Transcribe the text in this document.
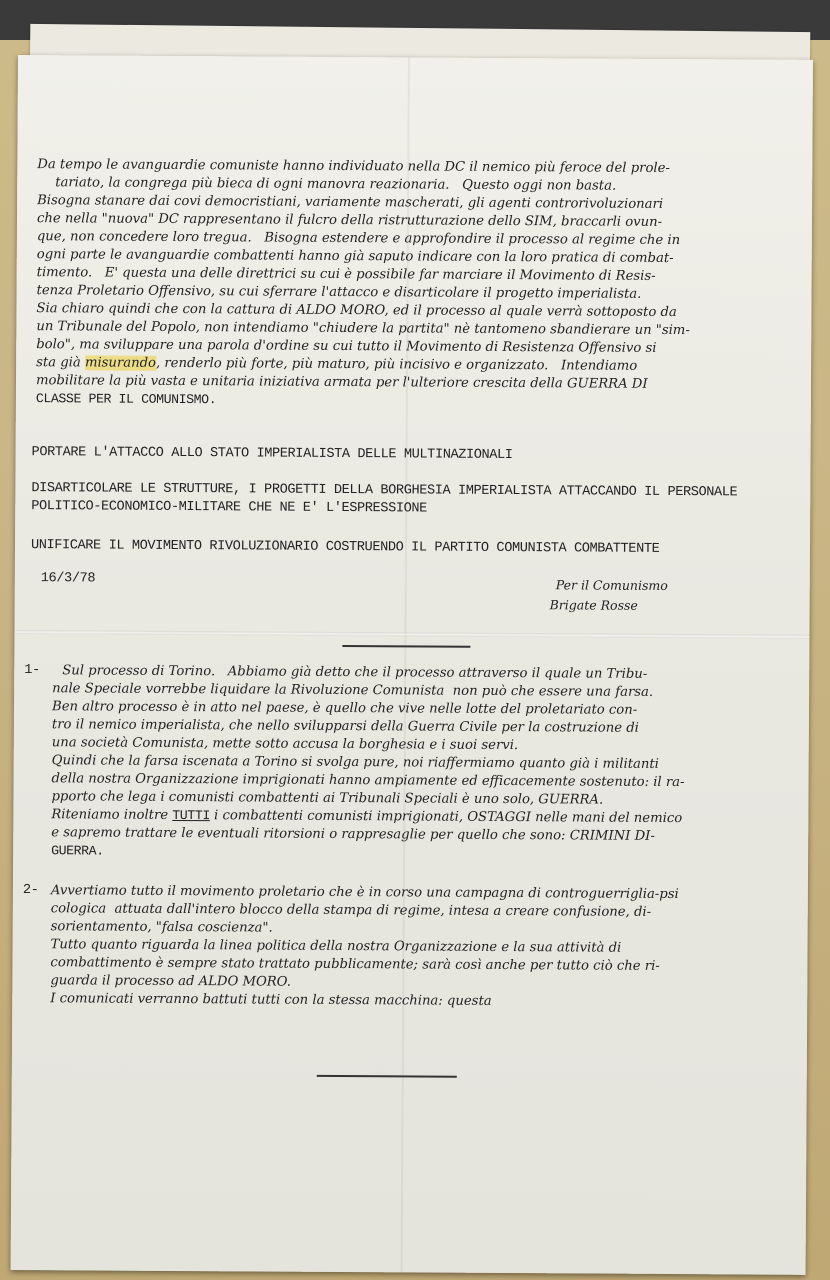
Da tempo le avanguardie comuniste hanno individuato nella DC il nemico più feroce del prole-
tariato, la congrega più bieca di ogni manovra reazionaria.   Questo oggi non basta.
Bisogna stanare dai covi democristiani, variamente mascherati, gli agenti controrivoluzionari
che nella "nuova" DC rappresentano il fulcro della ristrutturazione dello SIM, braccarli ovun-
que, non concedere loro tregua.   Bisogna estendere e approfondire il processo al regime che in
ogni parte le avanguardie combattenti hanno già saputo indicare con la loro pratica di combat-
timento.   E' questa una delle direttrici su cui è possibile far marciare il Movimento di Resis-
tenza Proletario Offensivo, su cui sferrare l'attacco e disarticolare il progetto imperialista.
Sia chiaro quindi che con la cattura di ALDO MORO, ed il processo al quale verrà sottoposto da
un Tribunale del Popolo, non intendiamo "chiudere la partita" nè tantomeno sbandierare un "sim-
bolo", ma sviluppare una parola d'ordine su cui tutto il Movimento di Resistenza Offensivo si
sta già misurando, renderlo più forte, più maturo, più incisivo e organizzato.   Intendiamo
mobilitare la più vasta e unitaria iniziativa armata per l'ulteriore crescita della GUERRA DI
CLASSE PER IL COMUNISMO.
PORTARE L'ATTACCO ALLO STATO IMPERIALISTA DELLE MULTINAZIONALI
DISARTICOLARE LE STRUTTURE, I PROGETTI DELLA BORGHESIA IMPERIALISTA ATTACCANDO IL PERSONALE
POLITICO-ECONOMICO-MILITARE CHE NE E' L'ESPRESSIONE
UNIFICARE IL MOVIMENTO RIVOLUZIONARIO COSTRUENDO IL PARTITO COMUNISTA COMBATTENTE
16/3/78	Per il Comunismo
Brigate Rosse
1- Sul processo di Torino.   Abbiamo già detto che il processo attraverso il quale un Tribu-
nale Speciale vorrebbe liquidare la Rivoluzione Comunista  non può che essere una farsa.
Ben altro processo è in atto nel paese, è quello che vive nelle lotte del proletariato con-
tro il nemico imperialista, che nello svilupparsi della Guerra Civile per la costruzione di
una società Comunista, mette sotto accusa la borghesia e i suoi servi.
Quindi che la farsa iscenata a Torino si svolga pure, noi riaffermiamo quanto già i militanti
della nostra Organizzazione imprigionati hanno ampiamente ed efficacemente sostenuto: il ra-
pporto che lega i comunisti combattenti ai Tribunali Speciali è uno solo, GUERRA.
Riteniamo inoltre TUTTI i combattenti comunisti imprigionati, OSTAGGI nelle mani del nemico
e sapremo trattare le eventuali ritorsioni o rappresaglie per quello che sono: CRIMINI DI-
GUERRA.
2- Avvertiamo tutto il movimento proletario che è in corso una campagna di controguerriglia-psi
cologica  attuata dall'intero blocco della stampa di regime, intesa a creare confusione, di-
sorientamento, "falsa coscienza".
Tutto quanto riguarda la linea politica della nostra Organizzazione e la sua attività di
combattimento è sempre stato trattato pubblicamente; sarà così anche per tutto ciò che ri-
guarda il processo ad ALDO MORO.
I comunicati verranno battuti tutti con la stessa macchina: questa
